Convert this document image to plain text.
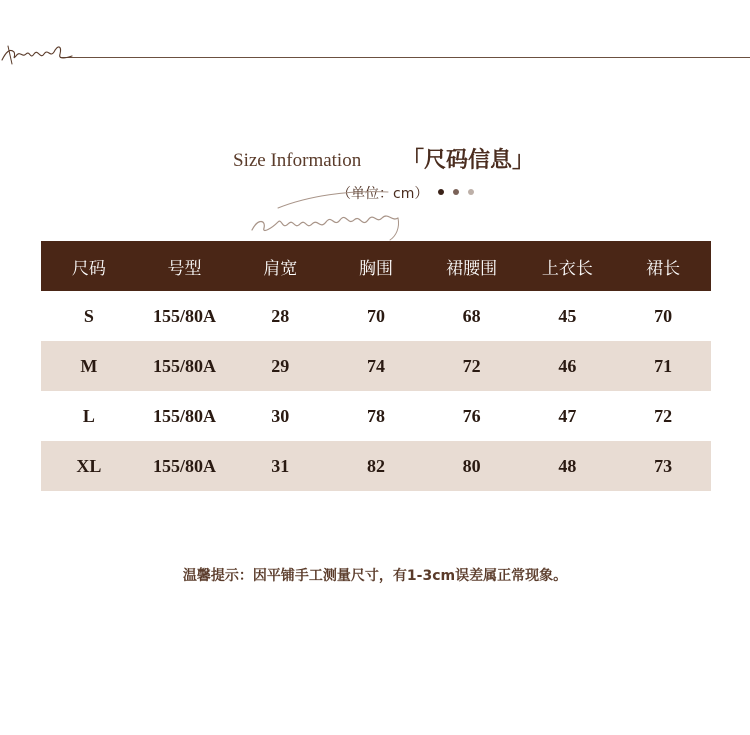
Size Information 「尺码信息」
（单位：cm）
尺码	号型	肩宽	胸围	裙腰围	上衣长	裙长
S	155/80A	28	70	68	45	70
M	155/80A	29	74	72	46	71
L	155/80A	30	78	76	47	72
XL	155/80A	31	82	80	48	73
温馨提示：因平铺手工测量尺寸，有1-3cm误差属正常现象。
